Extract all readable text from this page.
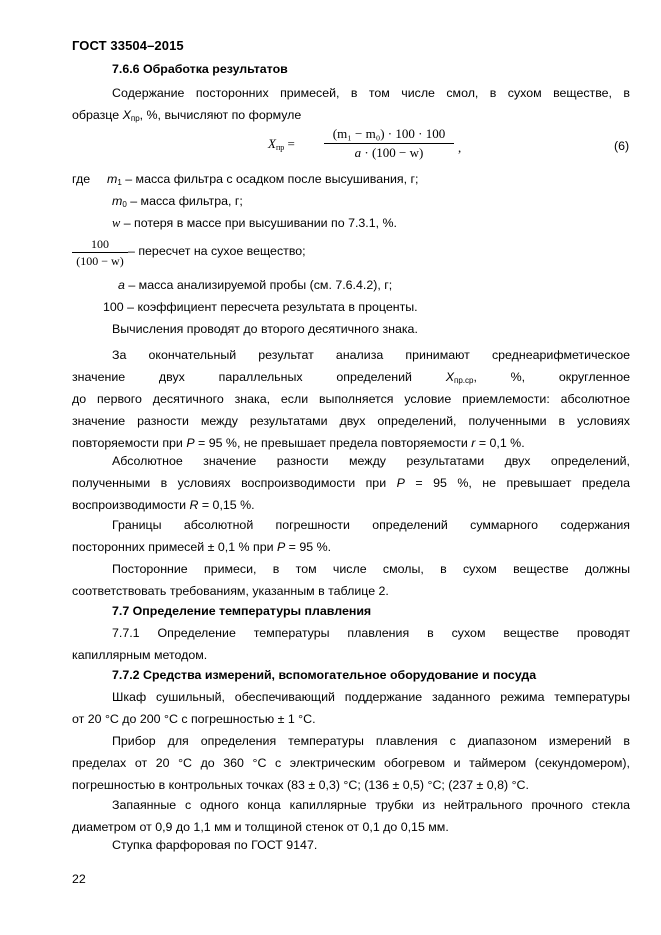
ГОСТ 33504–2015
7.6.6 Обработка результатов
Содержание посторонних примесей, в том числе смол, в сухом веществе, в
образце $X_{пр}$, %, вычисляют по формуле
$X_{пр} = \frac{\text{(m₁ − m₀) · 100 · 100}}{a \cdot (100 - w)}$ ,	(6)
где $m_1$ – масса фильтра с осадком после высушивания, г;
$m_0$ – масса фильтра, г;
w – потеря в массе при высушивании по 7.3.1, %.
100
(100 − w)
– пересчет на сухое вещество;
a – масса анализируемой пробы (см. 7.6.4.2), г;
100 – коэффициент пересчета результата в проценты.
Вычисления проводят до второго десятичного знака.
За окончательный результат анализа принимают среднеарифметическое
значение двух параллельных определений $X_{пр.ср}$, %, округленное
до первого десятичного знака, если выполняется условие приемлемости: абсолютное
значение разности между результатами двух определений, полученными в условиях
повторяемости при P = 95 %, не превышает предела повторяемости r = 0,1 %.
Абсолютное значение разности между результатами двух определений,
полученными в условиях воспроизводимости при P = 95 %, не превышает предела
воспроизводимости R = 0,15 %.
Границы абсолютной погрешности определений суммарного содержания
посторонних примесей ± 0,1 % при P = 95 %.
Посторонние примеси, в том числе смолы, в сухом веществе должны
соответствовать требованиям, указанным в таблице 2.
7.7 Определение температуры плавления
7.7.1 Определение температуры плавления в сухом веществе проводят
капиллярным методом.
7.7.2 Средства измерений, вспомогательное оборудование и посуда
Шкаф сушильный, обеспечивающий поддержание заданного режима температуры
от 20 °С до 200 °С с погрешностью ± 1 °С.
Прибор для определения температуры плавления с диапазоном измерений в
пределах от 20 °С до 360 °С с электрическим обогревом и таймером (секундомером),
погрешностью в контрольных точках (83 ± 0,3) °С; (136 ± 0,5) °С; (237 ± 0,8) °С.
Запаянные с одного конца капиллярные трубки из нейтрального прочного стекла
диаметром от 0,9 до 1,1 мм и толщиной стенок от 0,1 до 0,15 мм.
Ступка фарфоровая по ГОСТ 9147.
22
